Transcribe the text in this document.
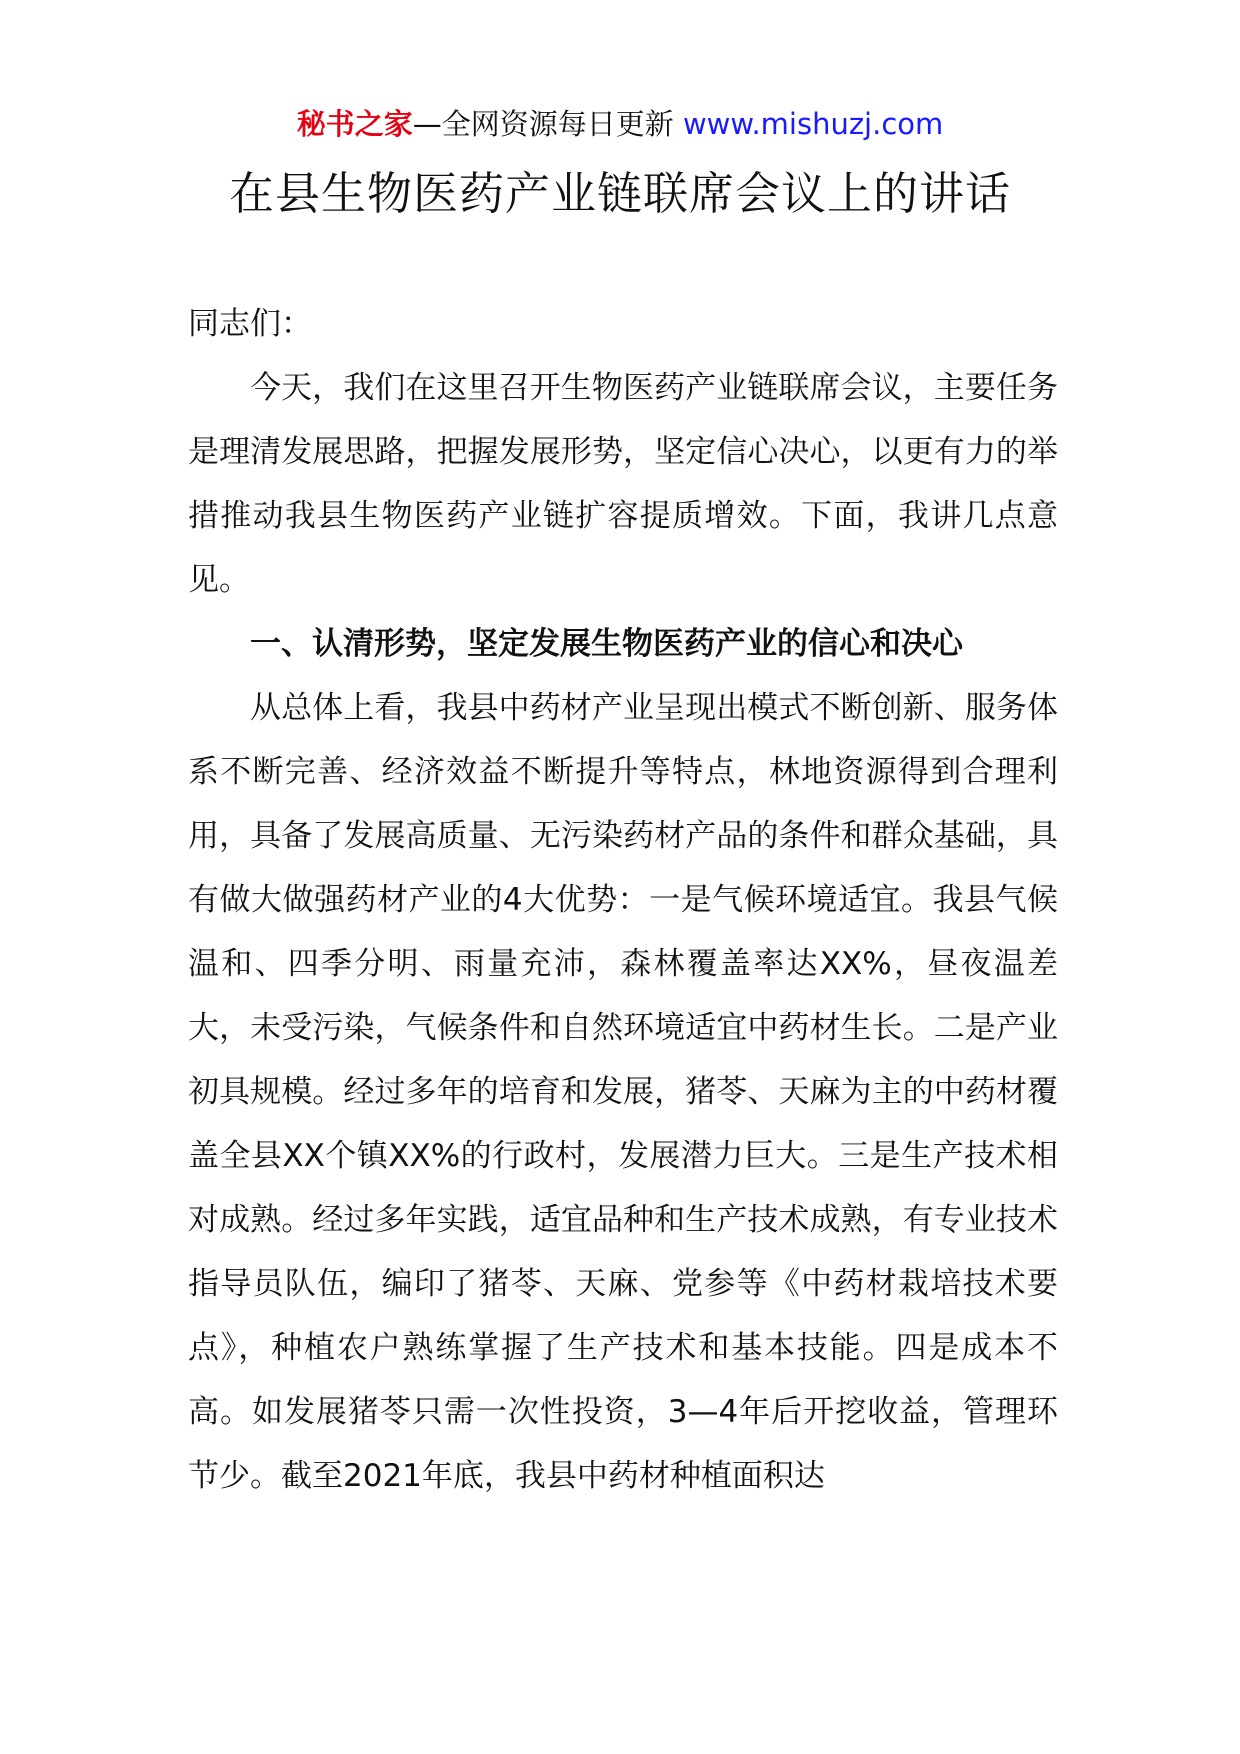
秘书之家—全网资源每日更新 www.mishuzj.com
在县生物医药产业链联席会议上的讲话

同志们：

今天，我们在这里召开生物医药产业链联席会议，主要任务是理清发展思路，把握发展形势，坚定信心决心，以更有力的举措推动我县生物医药产业链扩容提质增效。下面，我讲几点意见。

一、认清形势，坚定发展生物医药产业的信心和决心

从总体上看，我县中药材产业呈现出模式不断创新、服务体系不断完善、经济效益不断提升等特点，林地资源得到合理利用，具备了发展高质量、无污染药材产品的条件和群众基础，具有做大做强药材产业的4大优势：一是气候环境适宜。我县气候温和、四季分明、雨量充沛，森林覆盖率达XX%，昼夜温差大，未受污染，气候条件和自然环境适宜中药材生长。二是产业初具规模。经过多年的培育和发展，猪苓、天麻为主的中药材覆盖全县XX个镇XX%的行政村，发展潜力巨大。三是生产技术相对成熟。经过多年实践，适宜品种和生产技术成熟，有专业技术指导员队伍，编印了猪苓、天麻、党参等《中药材栽培技术要点》，种植农户熟练掌握了生产技术和基本技能。四是成本不高。如发展猪苓只需一次性投资，3—4年后开挖收益，管理环节少。截至2021年底，我县中药材种植面积达
